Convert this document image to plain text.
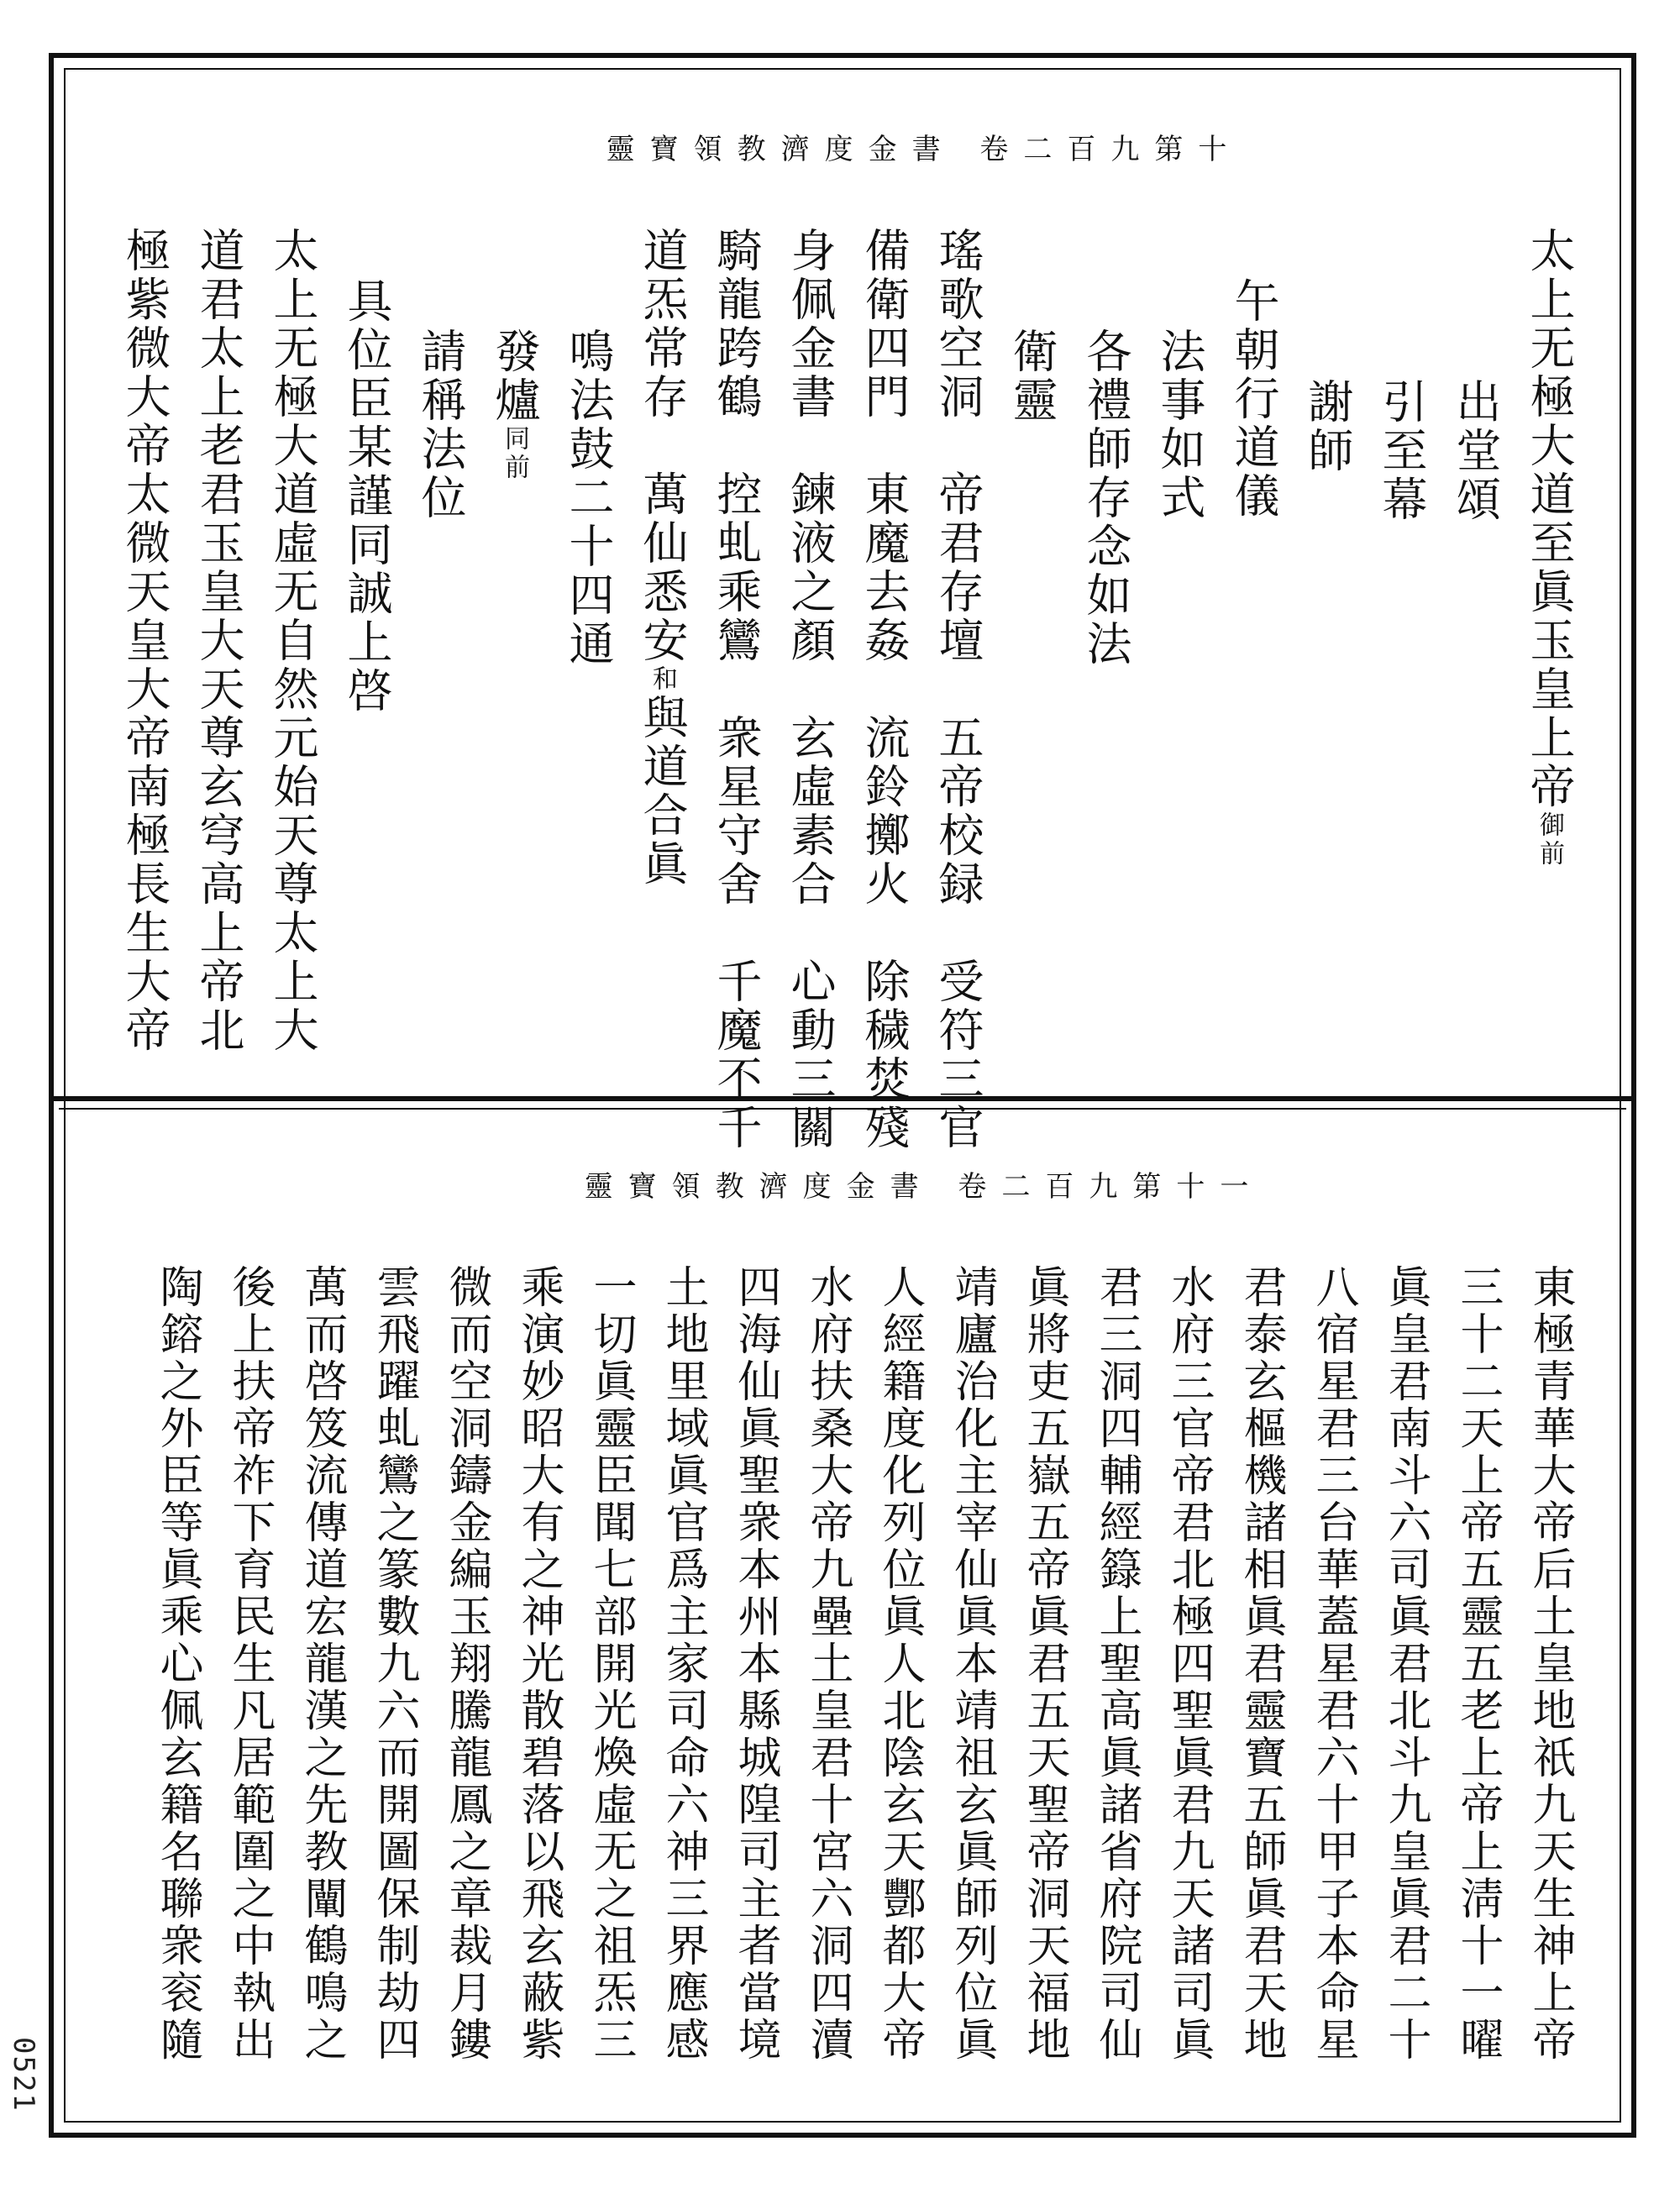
靈寶領教濟度金書 卷二百九第十
太上无極大道至眞玉皇上帝御前
出堂頌
引至幕
謝師
午朝行道儀
法事如式
各禮師存念如法
衛靈
瑤歌空洞　帝君存壇　五帝校録　受符三官
備衛四門　東魔去姦　流鈴擲火　除穢焚殘
身佩金書　鍊液之顏　玄虛素合　心動三關
騎龍跨鶴　控虬乘鸞　衆星守舍　千魔不千
道炁常存　萬仙悉安和與道合眞
鳴法鼓二十四通
發爐同前
請稱法位
具位臣某謹同誠上啓
太上无極大道虛无自然元始天尊太上大
道君太上老君玉皇大天尊玄穹高上帝北
極紫微大帝太微天皇大帝南極長生大帝
靈寶領教濟度金書 卷二百九第十一
東極青華大帝后土皇地祇九天生神上帝
三十二天上帝五靈五老上帝上淸十一曜
眞皇君南斗六司眞君北斗九皇眞君二十
八宿星君三台華蓋星君六十甲子本命星
君泰玄樞機諸相眞君靈寶五師眞君天地
水府三官帝君北極四聖眞君九天諸司眞
君三洞四輔經籙上聖高眞諸省府院司仙
眞將吏五嶽五帝眞君五天聖帝洞天福地
靖廬治化主宰仙眞本靖祖玄眞師列位眞
人經籍度化列位眞人北陰玄天酆都大帝
水府扶桑大帝九壘土皇君十宮六洞四瀆
四海仙眞聖衆本州本縣城隍司主者當境
土地里域眞官爲主家司命六神三界應感
一切眞靈臣聞七部開光煥虛无之祖炁三
乘演妙昭大有之神光散碧落以飛玄蔽紫
微而空洞鑄金編玉翔騰龍鳳之章裁月鏤
雲飛躍虬鸞之篆數九六而開圖保制劫四
萬而啓笈流傳道宏龍漢之先教闡鶴鳴之
後上扶帝祚下育民生凡居範圍之中執出
陶鎔之外臣等眞乘心佩玄籍名聯衆衮隨
0521
